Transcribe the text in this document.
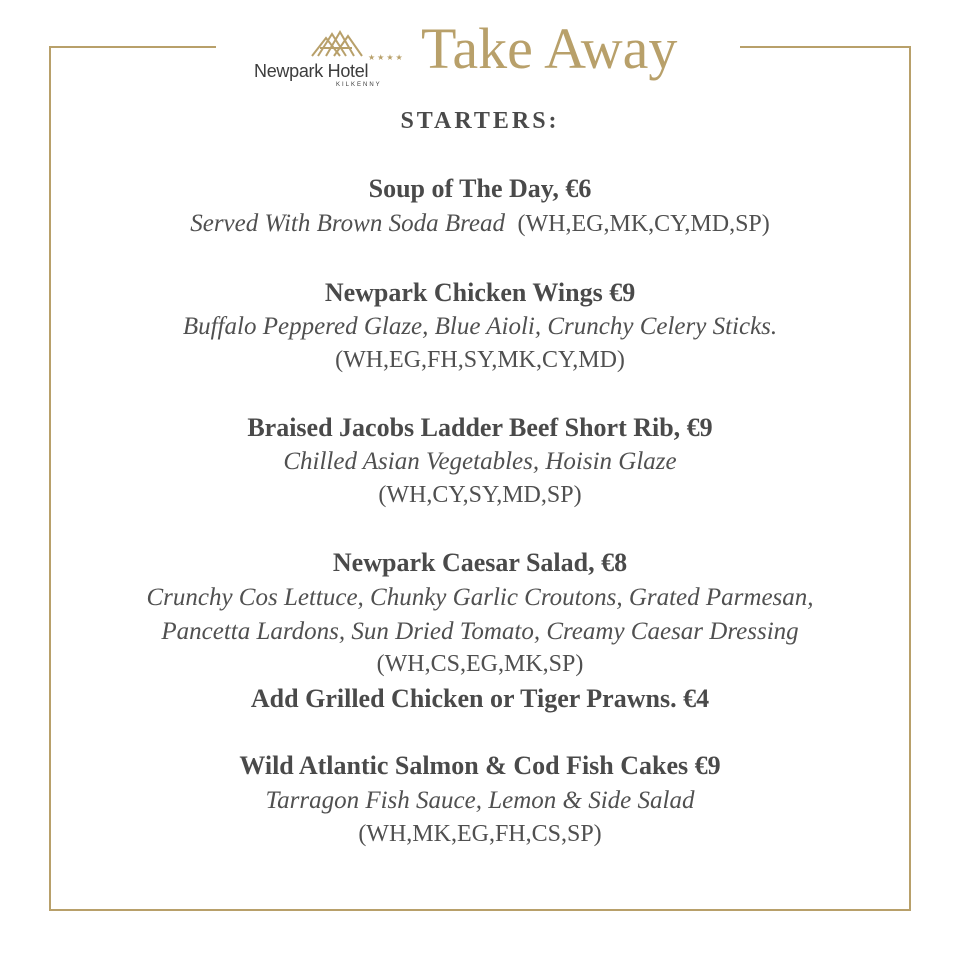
★★★★
Newpark Hotel
KILKENNY
Take Away
STARTERS:
Soup of The Day, €6
Served With Brown Soda Bread (WH,EG,MK,CY,MD,SP)
Newpark Chicken Wings €9
Buffalo Peppered Glaze, Blue Aioli, Crunchy Celery Sticks.
(WH,EG,FH,SY,MK,CY,MD)
Braised Jacobs Ladder Beef Short Rib, €9
Chilled Asian Vegetables, Hoisin Glaze
(WH,CY,SY,MD,SP)
Newpark Caesar Salad, €8
Crunchy Cos Lettuce, Chunky Garlic Croutons, Grated Parmesan,
Pancetta Lardons, Sun Dried Tomato, Creamy Caesar Dressing
(WH,CS,EG,MK,SP)
Add Grilled Chicken or Tiger Prawns. €4
Wild Atlantic Salmon & Cod Fish Cakes €9
Tarragon Fish Sauce, Lemon & Side Salad
(WH,MK,EG,FH,CS,SP)
